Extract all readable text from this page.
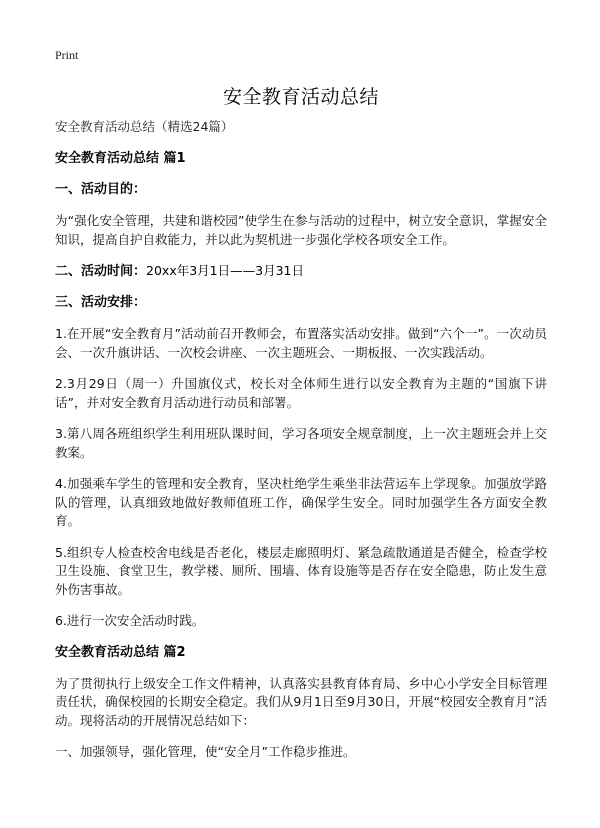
Print
安全教育活动总结

安全教育活动总结（精选24篇）

安全教育活动总结 篇1

一、活动目的：

为“强化安全管理，共建和谐校园”使学生在参与活动的过程中，树立安全意识，掌握安全知识，提高自护自救能力，并以此为契机进一步强化学校各项安全工作。

二、活动时间：20xx年3月1日——3月31日

三、活动安排：

1.在开展“安全教育月”活动前召开教师会，布置落实活动安排。做到“六个一”。一次动员会、一次升旗讲话、一次校会讲座、一次主题班会、一期板报、一次实践活动。

2.3月29日（周一）升国旗仪式，校长对全体师生进行以安全教育为主题的“国旗下讲话”，并对安全教育月活动进行动员和部署。

3.第八周各班组织学生利用班队课时间，学习各项安全规章制度，上一次主题班会并上交教案。

4.加强乘车学生的管理和安全教育，坚决杜绝学生乘坐非法营运车上学现象。加强放学路队的管理，认真细致地做好教师值班工作，确保学生安全。同时加强学生各方面安全教育。

5.组织专人检查校舍电线是否老化，楼层走廊照明灯、紧急疏散通道是否健全，检查学校卫生设施、食堂卫生，教学楼、厕所、围墙、体育设施等是否存在安全隐患，防止发生意外伤害事故。

6.进行一次安全活动时践。

安全教育活动总结 篇2

为了贯彻执行上级安全工作文件精神，认真落实县教育体育局、乡中心小学安全目标管理责任状，确保校园的长期安全稳定。我们从9月1日至9月30日，开展“校园安全教育月”活动。现将活动的开展情况总结如下：

一、加强领导，强化管理，使“安全月”工作稳步推进。
